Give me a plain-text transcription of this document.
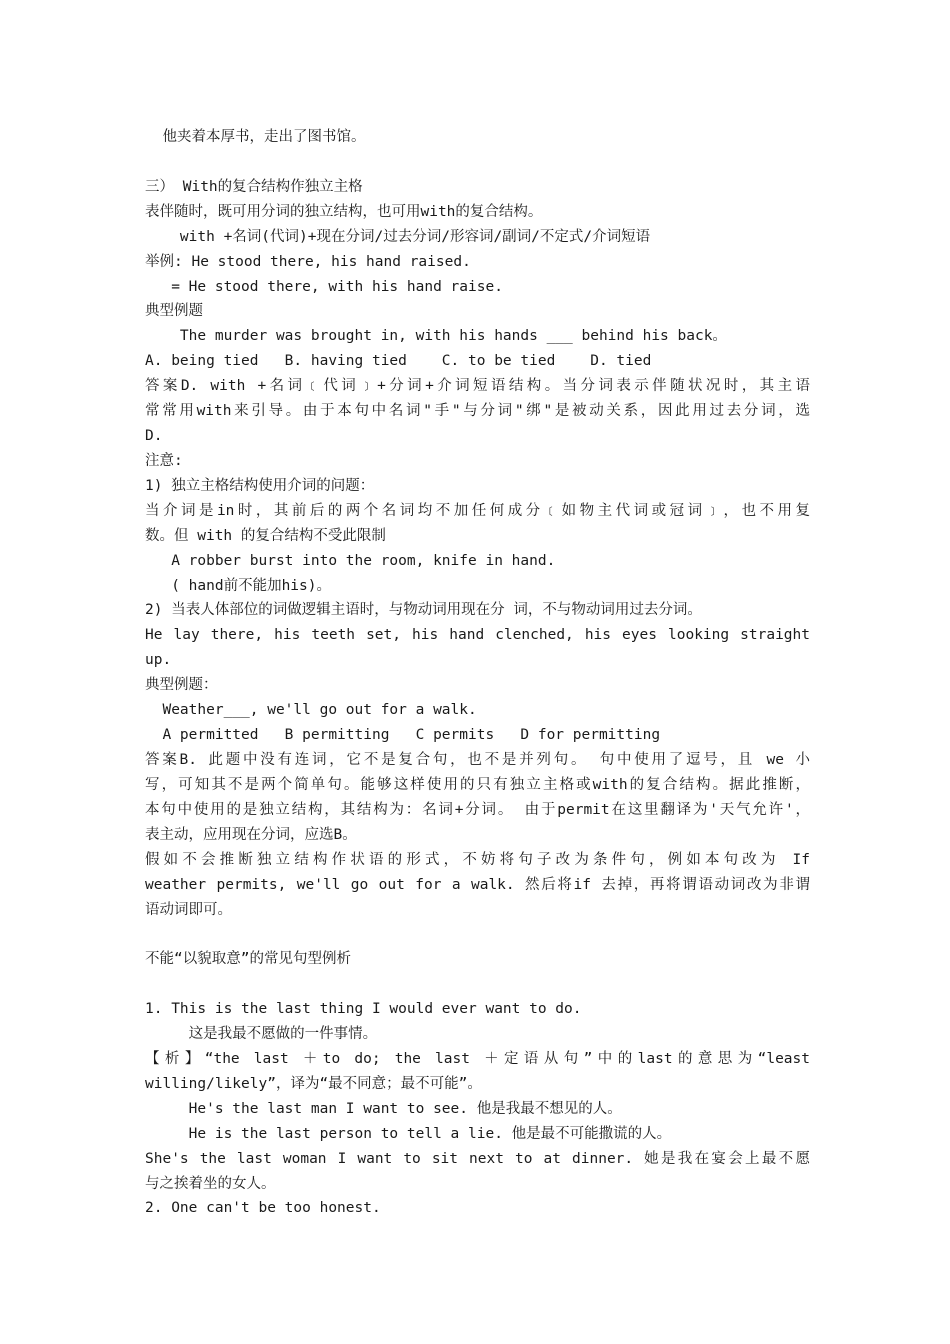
他夹着本厚书，走出了图书馆。
三） With的复合结构作独立主格
表伴随时，既可用分词的独立结构，也可用with的复合结构。
with +名词(代词)+现在分词/过去分词/形容词/副词/不定式/介词短语
举例: He stood there, his hand raised.
= He stood there, with his hand raise.
典型例题
The murder was brought in, with his hands ___ behind his back。
A. being tied   B. having tied    C. to be tied    D. tied
答案D. with +名词﹝代词﹞+分词+介词短语结构。当分词表示伴随状况时，其主语
常常用with来引导。由于本句中名词"手"与分词"绑"是被动关系，因此用过去分词，选
D.
注意:
1) 独立主格结构使用介词的问题：
当介词是in时，其前后的两个名词均不加任何成分﹝如物主代词或冠词﹞，也不用复
数。但 with 的复合结构不受此限制
A robber burst into the room, knife in hand.
( hand前不能加his)。
2) 当表人体部位的词做逻辑主语时，与物动词用现在分 词，不与物动词用过去分词。
He lay there, his teeth set, his hand clenched, his eyes looking straight
up.
典型例题：
Weather___, we'll go out for a walk.
A permitted   B permitting   C permits   D for permitting
答案B. 此题中没有连词，它不是复合句，也不是并列句。 句中使用了逗号，且 we 小
写，可知其不是两个简单句。能够这样使用的只有独立主格或with的复合结构。据此推断，
本句中使用的是独立结构，其结构为：名词+分词。 由于permit在这里翻译为'天气允许'，
表主动，应用现在分词，应选B。
假如不会推断独立结构作状语的形式，不妨将句子改为条件句，例如本句改为 If
weather permits, we'll go out for a walk. 然后将if 去掉，再将谓语动词改为非谓
语动词即可。
不能“以貌取意”的常见句型例析
1. This is the last thing I would ever want to do.
这是我最不愿做的一件事情。
【析】“the last ＋to do; the last ＋定语从句”中的last的意思为“least
willing/likely”，译为“最不同意；最不可能”。
He's the last man I want to see. 他是我最不想见的人。
He is the last person to tell a lie. 他是最不可能撒谎的人。
She's the last woman I want to sit next to at dinner. 她是我在宴会上最不愿
与之挨着坐的女人。
2. One can't be too honest.
